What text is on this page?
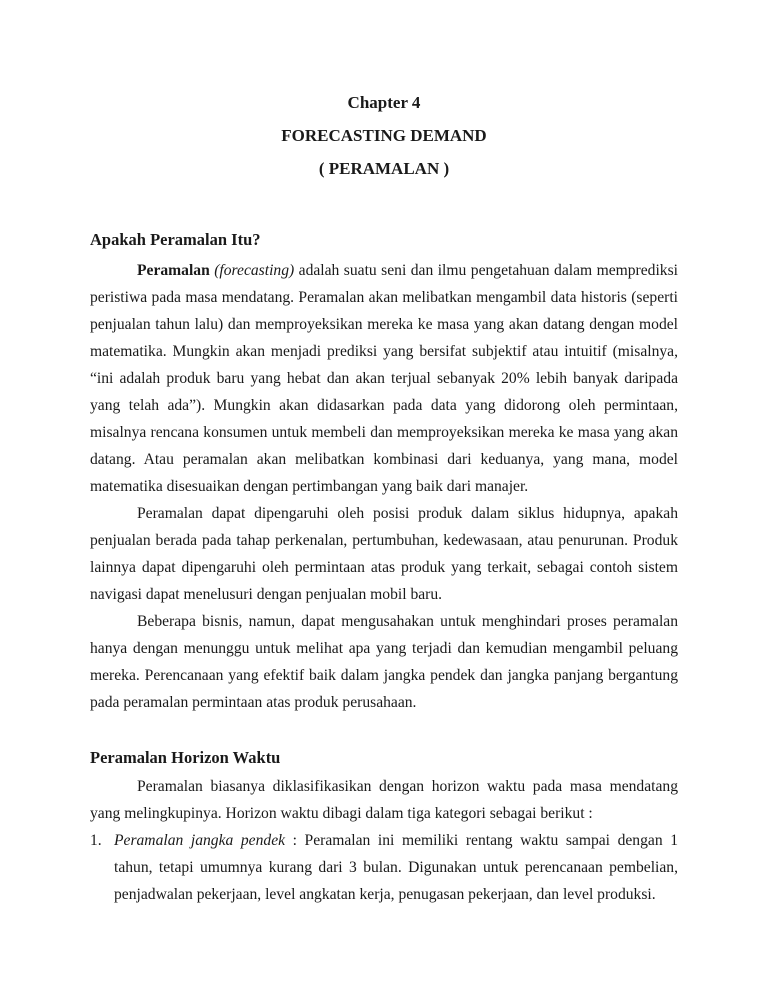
Chapter 4
FORECASTING DEMAND
( PERAMALAN )
Apakah Peramalan Itu?

Peramalan (forecasting) adalah suatu seni dan ilmu pengetahuan dalam memprediksi peristiwa pada masa mendatang. Peramalan akan melibatkan mengambil data historis (seperti penjualan tahun lalu) dan memproyeksikan mereka ke masa yang akan datang dengan model matematika. Mungkin akan menjadi prediksi yang bersifat subjektif atau intuitif (misalnya, “ini adalah produk baru yang hebat dan akan terjual sebanyak 20% lebih banyak daripada yang telah ada”). Mungkin akan didasarkan pada data yang didorong oleh permintaan, misalnya rencana konsumen untuk membeli dan memproyeksikan mereka ke masa yang akan datang. Atau peramalan akan melibatkan kombinasi dari keduanya, yang mana, model matematika disesuaikan dengan pertimbangan yang baik dari manajer.

Peramalan dapat dipengaruhi oleh posisi produk dalam siklus hidupnya, apakah penjualan berada pada tahap perkenalan, pertumbuhan, kedewasaan, atau penurunan. Produk lainnya dapat dipengaruhi oleh permintaan atas produk yang terkait, sebagai contoh sistem navigasi dapat menelusuri dengan penjualan mobil baru.

Beberapa bisnis, namun, dapat mengusahakan untuk menghindari proses peramalan hanya dengan menunggu untuk melihat apa yang terjadi dan kemudian mengambil peluang mereka. Perencanaan yang efektif baik dalam jangka pendek dan jangka panjang bergantung pada peramalan permintaan atas produk perusahaan.

Peramalan Horizon Waktu

Peramalan biasanya diklasifikasikan dengan horizon waktu pada masa mendatang yang melingkupinya. Horizon waktu dibagi dalam tiga kategori sebagai berikut :

1. Peramalan jangka pendek : Peramalan ini memiliki rentang waktu sampai dengan 1 tahun, tetapi umumnya kurang dari 3 bulan. Digunakan untuk perencanaan pembelian, penjadwalan pekerjaan, level angkatan kerja, penugasan pekerjaan, dan level produksi.
